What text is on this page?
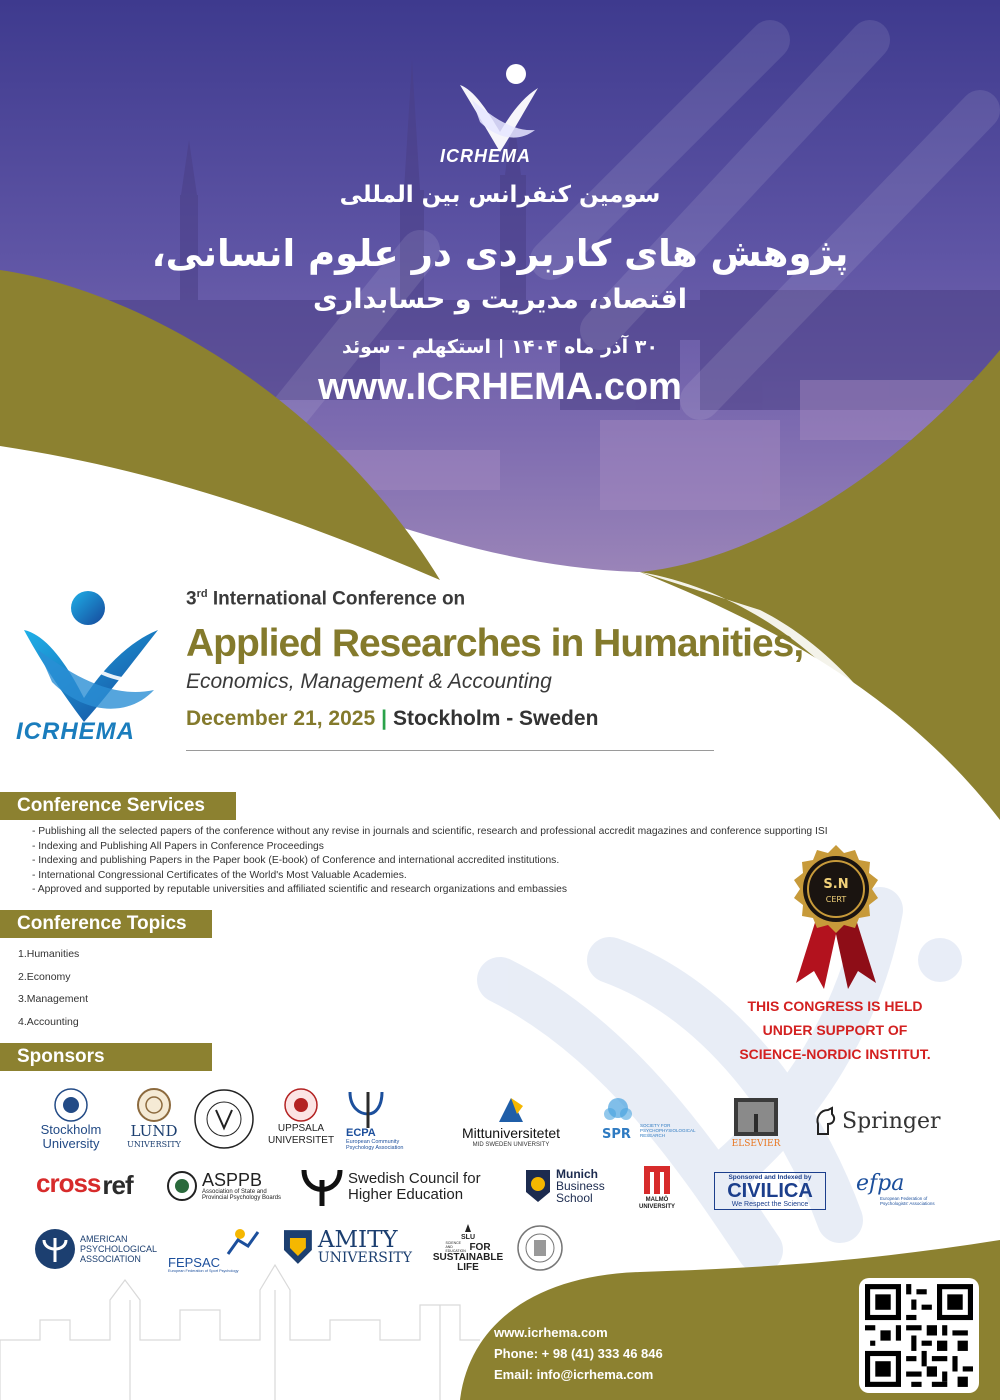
ICRHEMA
سومین کنفرانس بین المللی
پژوهش های کاربردی در علوم انسانی،
اقتصاد، مدیریت و حسابداری
۳۰ آذر ماه ۱۴۰۴ | استکهلم - سوئد
www.ICRHEMA.com
ICRHEMA
3rd International Conference on
Applied Researches in Humanities,
Economics, Management & Accounting
December 21, 2025 | Stockholm - Sweden
Conference Services
- Publishing all the selected papers of the conference without any revise in journals and scientific, research and professional accredit magazines and conference supporting ISI
- Indexing and Publishing All Papers in Conference Proceedings
- Indexing and publishing Papers in the Paper book (E-book) of Conference and international accredited institutions.
- International Congressional Certificates of the World's Most Valuable Academies.
- Approved and supported by reputable universities and affiliated scientific and research organizations and embassies
Conference Topics
1.Humanities
2.Economy
3.Management
4.Accounting
S.N
CERT
THIS CONGRESS IS HELD
UNDER SUPPORT OF
SCIENCE-NORDIC INSTITUT.
Sponsors
Stockholm
University
LUND
UNIVERSITY
UPPSALA
UNIVERSITET
ECPA
European Community
Psychology Association
Mittuniversitetet
MID SWEDEN UNIVERSITY
SPR
SOCIETY FOR
PSYCHOPHYSIOLOGICAL
RESEARCH
ELSEVIER
Springer
cross ref	ASPPB
Association of State and
Provincial Psychology Boards
Swedish Council for
Higher Education
Munich
Business
School	MALMÖ
UNIVERSITY
Sponsored and Indexed by
CIVILICA
We Respect the Science
efpa
European Federation of
Psychologists' Associations
AMERICAN
PSYCHOLOGICAL
ASSOCIATION	FEPSAC
European Federation of Sport Psychology
AMITY
UNIVERSITY
SLU
SCIENCE AND EDUCATION FOR
SUSTAINABLE
LIFE
www.icrhema.com
Phone: + 98 (41) 333 46 846
Email: info@icrhema.com
